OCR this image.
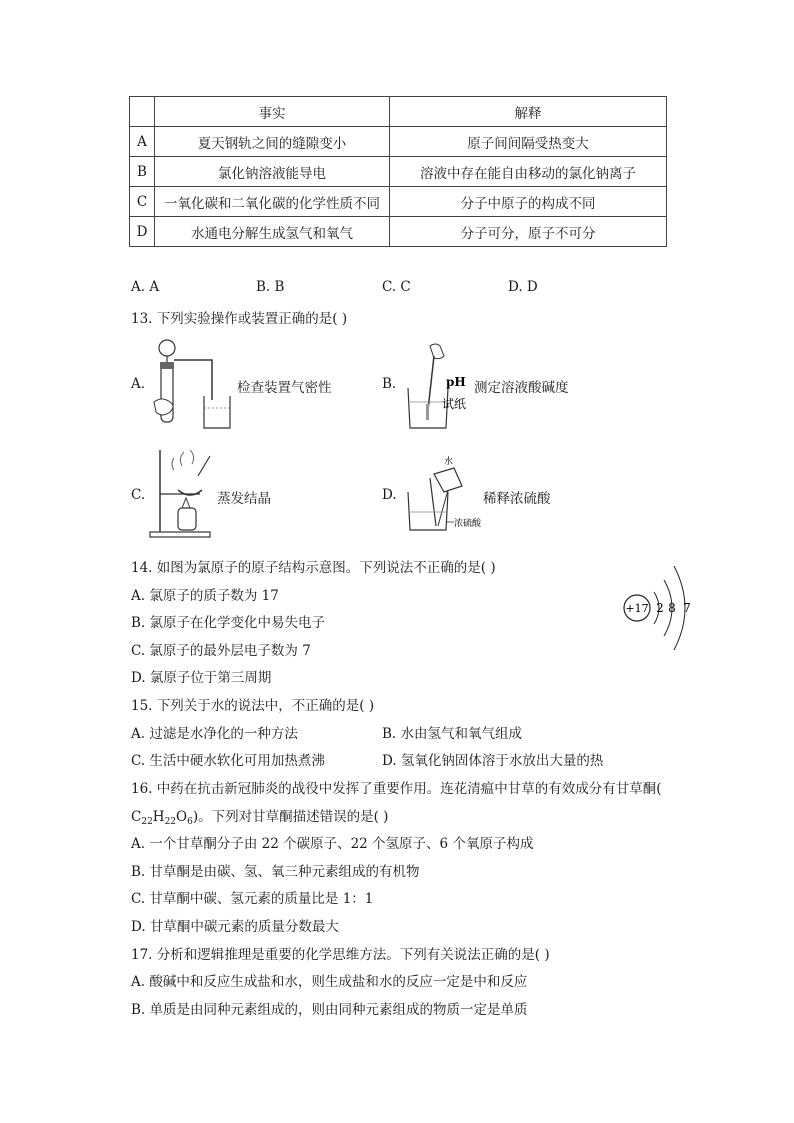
	事实	解释
A	夏天钢轨之间的缝隙变小	原子间间隔受热变大
B	氯化钠溶液能导电	溶液中存在能自由移动的氯化钠离子
C	一氧化碳和二氧化碳的化学性质不同	分子中原子的构成不同
D	水通电分解生成氢气和氧气	分子可分，原子不可分
A. A	B. B	C. C	D. D
13. 下列实验操作或装置正确的是( )
A.	检查装置气密性	B.	pH
试纸
测定溶液酸碱度
C.	蒸发结晶	D.
水
浓硫酸
稀释浓硫酸
14. 如图为氯原子的原子结构示意图。下列说法不正确的是( )
A. 氯原子的质子数为 17
B. 氯原子在化学变化中易失电子
C. 氯原子的最外层电子数为 7
D. 氯原子位于第三周期
+17 2 8 7
15. 下列关于水的说法中，不正确的是( )
A. 过滤是水净化的一种方法	B. 水由氢气和氧气组成
C. 生活中硬水软化可用加热煮沸	D. 氢氧化钠固体溶于水放出大量的热
16. 中药在抗击新冠肺炎的战役中发挥了重要作用。连花清瘟中甘草的有效成分有甘草酮(
$C_{22}H_{22}O_6$)。下列对甘草酮描述错误的是( )
A. 一个甘草酮分子由 22 个碳原子、22 个氢原子、6 个氧原子构成
B. 甘草酮是由碳、氢、氧三种元素组成的有机物
C. 甘草酮中碳、氢元素的质量比是 1：1
D. 甘草酮中碳元素的质量分数最大
17. 分析和逻辑推理是重要的化学思维方法。下列有关说法正确的是( )
A. 酸碱中和反应生成盐和水，则生成盐和水的反应一定是中和反应
B. 单质是由同种元素组成的，则由同种元素组成的物质一定是单质
